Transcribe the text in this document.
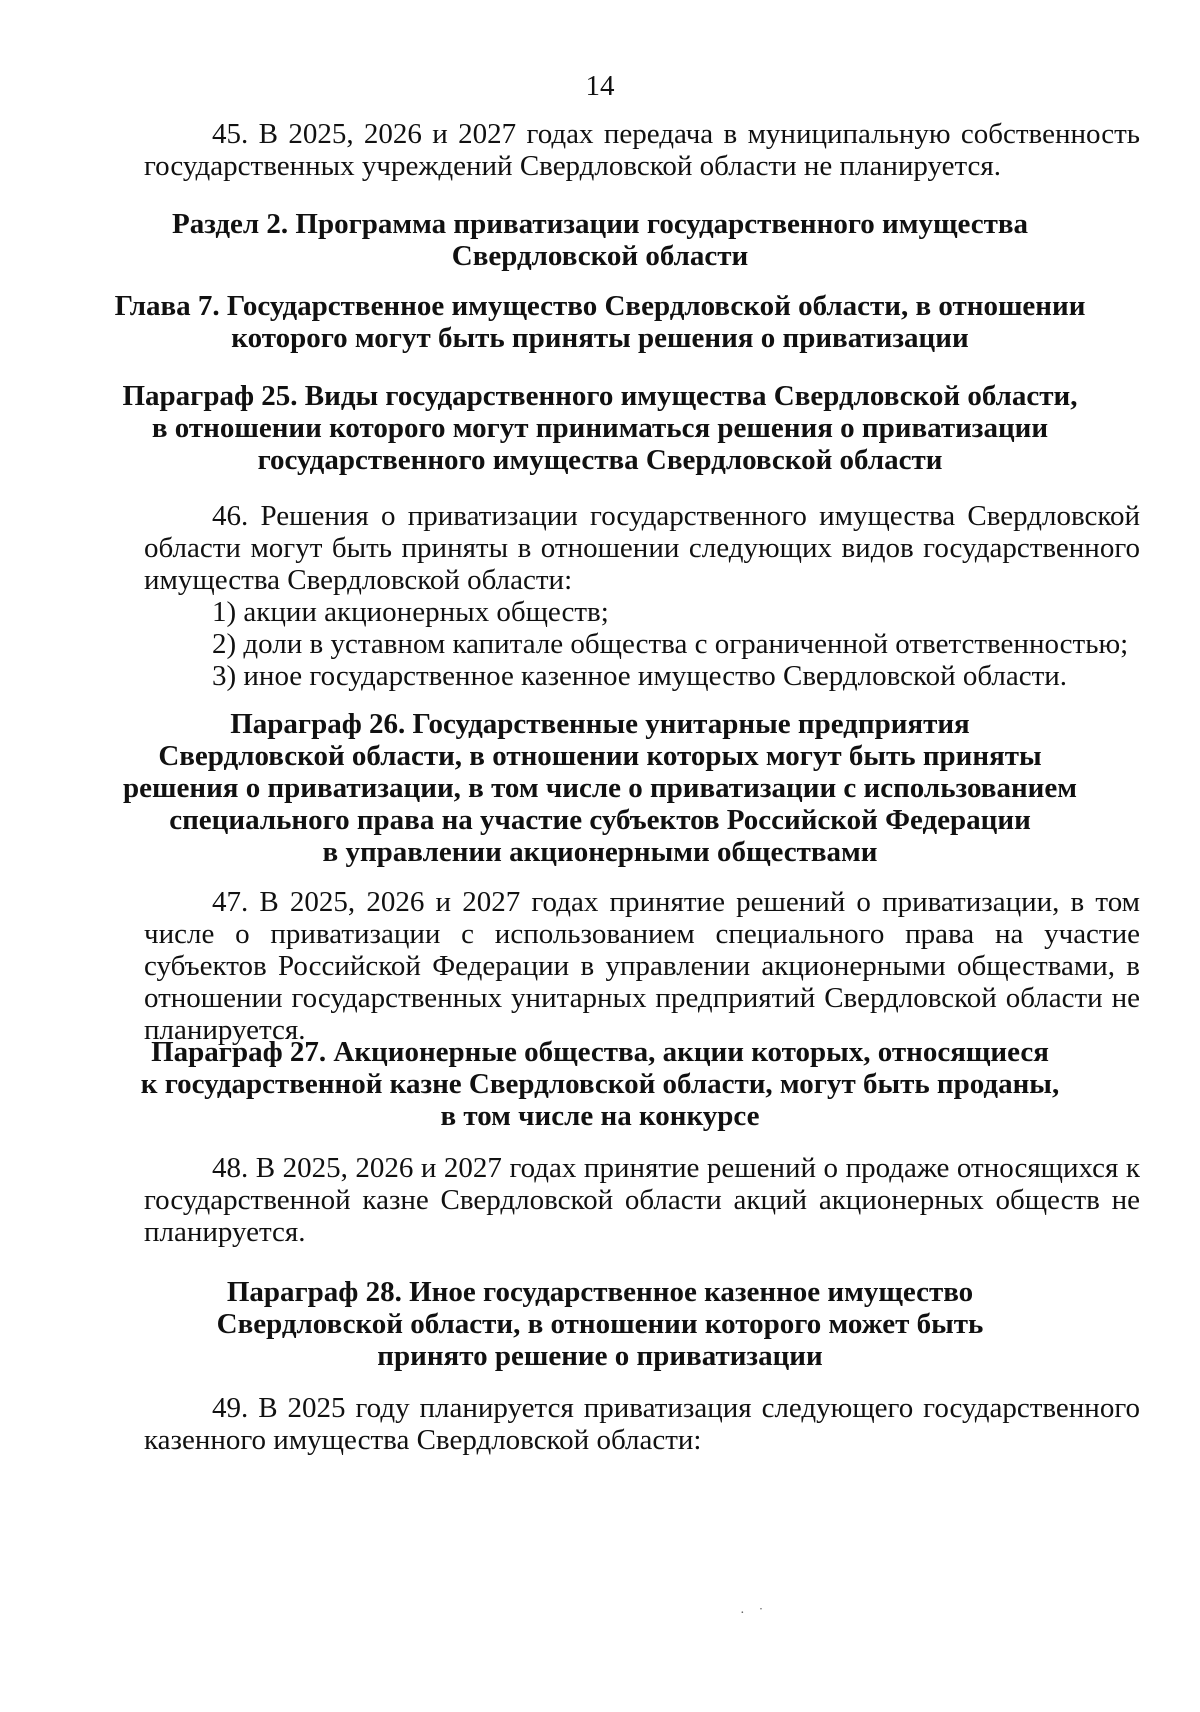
14
45. В 2025, 2026 и 2027 годах передача в муниципальную собственность государственных учреждений Свердловской области не планируется.
Раздел 2. Программа приватизации государственного имущества
Свердловской области
Глава 7. Государственное имущество Свердловской области, в отношении
которого могут быть приняты решения о приватизации
Параграф 25. Виды государственного имущества Свердловской области,
в отношении которого могут приниматься решения о приватизации
государственного имущества Свердловской области
46. Решения о приватизации государственного имущества Свердловской области могут быть приняты в отношении следующих видов государственного имущества Свердловской области:
1) акции акционерных обществ;
2) доли в уставном капитале общества с ограниченной ответственностью;
3) иное государственное казенное имущество Свердловской области.
Параграф 26. Государственные унитарные предприятия
Свердловской области, в отношении которых могут быть приняты
решения о приватизации, в том числе о приватизации с использованием
специального права на участие субъектов Российской Федерации
в управлении акционерными обществами
47. В 2025, 2026 и 2027 годах принятие решений о приватизации, в том числе о приватизации с использованием специального права на участие субъектов Российской Федерации в управлении акционерными обществами, в отношении государственных унитарных предприятий Свердловской области не планируется.
Параграф 27. Акционерные общества, акции которых, относящиеся
к государственной казне Свердловской области, могут быть проданы,
в том числе на конкурсе
48. В 2025, 2026 и 2027 годах принятие решений о продаже относящихся к государственной казне Свердловской области акций акционерных обществ не планируется.
Параграф 28. Иное государственное казенное имущество
Свердловской области, в отношении которого может быть
принято решение о приватизации
49. В 2025 году планируется приватизация следующего государственного казенного имущества Свердловской области:
·    ˙
